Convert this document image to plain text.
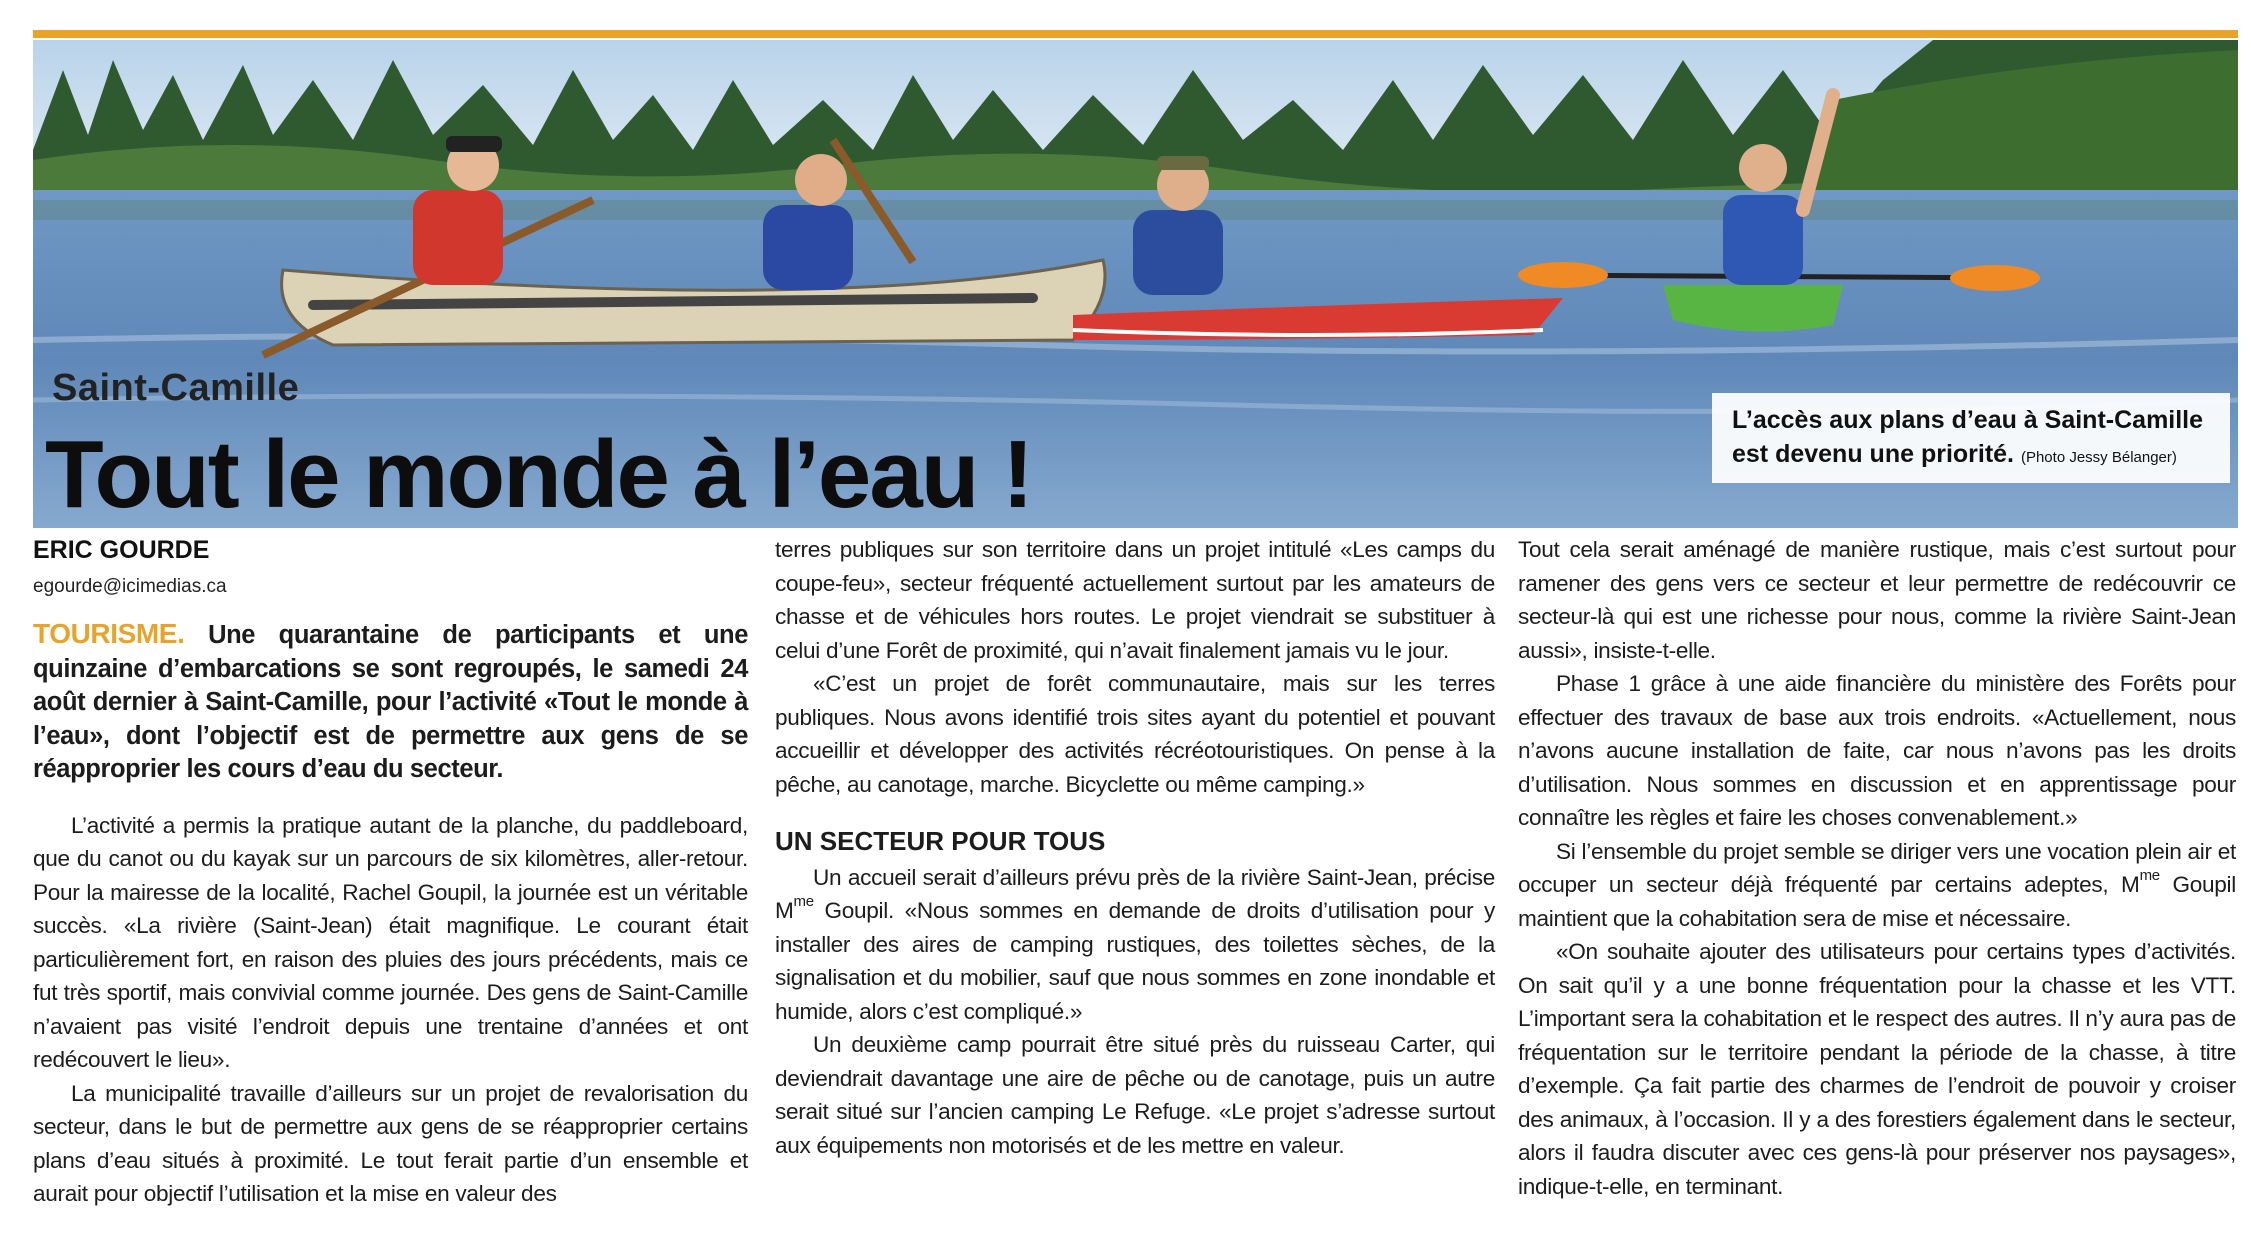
Saint-Camille
Tout le monde à l’eau !
L’accès aux plans d’eau à Saint-Camille est devenu une priorité. (Photo Jessy Bélanger)
ERIC GOURDE
egourde@icimedias.ca

TOURISME. Une quarantaine de participants et une quinzaine d’embarcations se sont regroupés, le samedi 24 août dernier à Saint-Camille, pour l’activité «Tout le monde à l’eau», dont l’objectif est de permettre aux gens de se réapproprier les cours d’eau du secteur.

L’activité a permis la pratique autant de la planche, du paddleboard, que du canot ou du kayak sur un parcours de six kilomètres, aller-retour. Pour la mairesse de la localité, Rachel Goupil, la journée est un véritable succès. «La rivière (Saint-Jean) était magnifique. Le courant était particulièrement fort, en raison des pluies des jours précédents, mais ce fut très sportif, mais convivial comme journée. Des gens de Saint-Camille n’avaient pas visité l’endroit depuis une trentaine d’années et ont redécouvert le lieu».

La municipalité travaille d’ailleurs sur un projet de revalorisation du secteur, dans le but de permettre aux gens de se réapproprier certains plans d’eau situés à proximité. Le tout ferait partie d’un ensemble et aurait pour objectif l’utilisation et la mise en valeur des

terres publiques sur son territoire dans un projet intitulé «Les camps du coupe-feu», secteur fréquenté actuellement surtout par les amateurs de chasse et de véhicules hors routes. Le projet viendrait se substituer à celui d’une Forêt de proximité, qui n’avait finalement jamais vu le jour.

«C’est un projet de forêt communautaire, mais sur les terres publiques. Nous avons identifié trois sites ayant du potentiel et pouvant accueillir et développer des activités récréotouristiques. On pense à la pêche, au canotage, marche. Bicyclette ou même camping.»

UN SECTEUR POUR TOUS

Un accueil serait d’ailleurs prévu près de la rivière Saint-Jean, précise $M^{me}$ Goupil. «Nous sommes en demande de droits d’utilisation pour y installer des aires de camping rustiques, des toilettes sèches, de la signalisation et du mobilier, sauf que nous sommes en zone inondable et humide, alors c’est compliqué.»

Un deuxième camp pourrait être situé près du ruisseau Carter, qui deviendrait davantage une aire de pêche ou de canotage, puis un autre serait situé sur l’ancien camping Le Refuge. «Le projet s’adresse surtout aux équipements non motorisés et de les mettre en valeur.

Tout cela serait aménagé de manière rustique, mais c’est surtout pour ramener des gens vers ce secteur et leur permettre de redécouvrir ce secteur-là qui est une richesse pour nous, comme la rivière Saint-Jean aussi», insiste-t-elle.

Phase 1 grâce à une aide financière du ministère des Forêts pour effectuer des travaux de base aux trois endroits. «Actuellement, nous n’avons aucune installation de faite, car nous n’avons pas les droits d’utilisation. Nous sommes en discussion et en apprentissage pour connaître les règles et faire les choses convenablement.»

Si l’ensemble du projet semble se diriger vers une vocation plein air et occuper un secteur déjà fréquenté par certains adeptes, $M^{me}$ Goupil maintient que la cohabitation sera de mise et nécessaire.

«On souhaite ajouter des utilisateurs pour certains types d’activités. On sait qu’il y a une bonne fréquentation pour la chasse et les VTT. L’important sera la cohabitation et le respect des autres. Il n’y aura pas de fréquentation sur le territoire pendant la période de la chasse, à titre d’exemple. Ça fait partie des charmes de l’endroit de pouvoir y croiser des animaux, à l’occasion. Il y a des forestiers également dans le secteur, alors il faudra discuter avec ces gens-là pour préserver nos paysages», indique-t-elle, en terminant.
